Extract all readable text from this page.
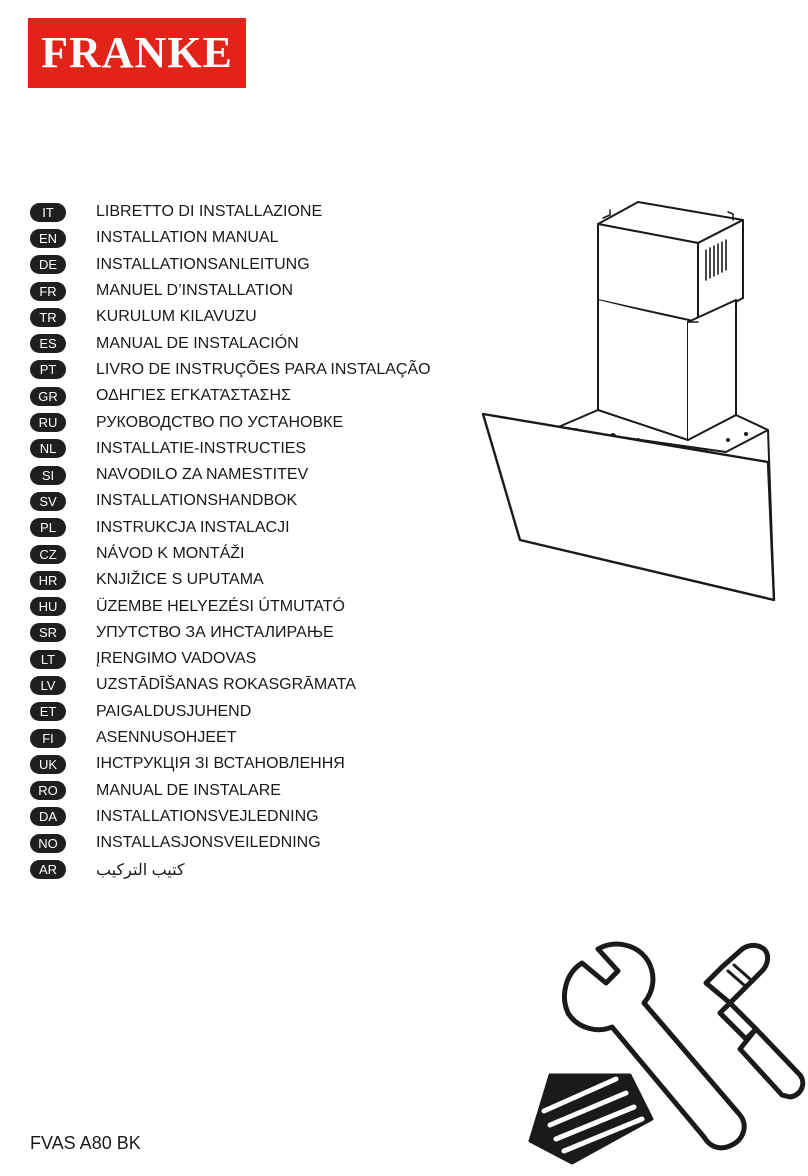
FRANKE
IT	LIBRETTO DI INSTALLAZIONE
EN	INSTALLATION MANUAL
DE	INSTALLATIONSANLEITUNG
FR	MANUEL D’INSTALLATION
TR	KURULUM KILAVUZU
ES	MANUAL DE INSTALACIÓN
PT	LIVRO DE INSTRUÇÕES PARA INSTALAÇÃO
GR	ΟΔΗΓΊΕΣ ΕΓΚΑΤΆΣΤΑΣΗΣ
RU	РУКОВОДСТВО ПО УСТАНОВКЕ
NL	INSTALLATIE-INSTRUCTIES
SI	NAVODILO ZA NAMESTITEV
SV	INSTALLATIONSHANDBOK
PL	INSTRUKCJA INSTALACJI
CZ	NÁVOD K MONTÁŽI
HR	KNJIŽICE S UPUTAMA
HU	ÜZEMBE HELYEZÉSI ÚTMUTATÓ
SR	УПУТСТВО ЗА ИНСТАЛИРАЊЕ
LT	ĮRENGIMO VADOVAS
LV	UZSTĀDĪŠANAS ROKASGRĀMATA
ET	PAIGALDUSJUHEND
FI	ASENNUSOHJEET
UK	ІНСТРУКЦІЯ ЗІ ВСТАНОВЛЕННЯ
RO	MANUAL DE INSTALARE
DA	INSTALLATIONSVEJLEDNING
NO	INSTALLASJONSVEILEDNING
AR	كتيب التركيب
FVAS A80 BK
